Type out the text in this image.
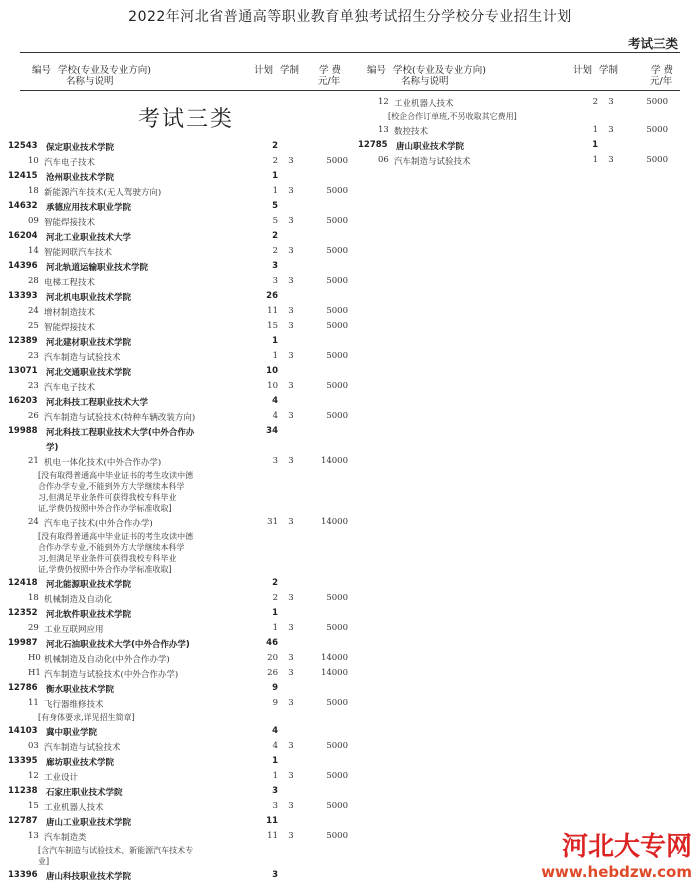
2022年河北省普通高等职业教育单独考试招生分学校分专业招生计划
考试三类
编号 学校(专业及专业方向)
名称与说明
计划 学制 学 费
元/年
考试三类
12543 保定职业技术学院	2
10 汽车电子技术	2 3	5000
12415 沧州职业技术学院	1
18 新能源汽车技术(无人驾驶方向)	1 3	5000
14632 承德应用技术职业学院	5
09 智能焊接技术	5 3	5000
16204 河北工业职业技术大学	2
14 智能网联汽车技术	2 3	5000
14396 河北轨道运输职业技术学院	3
28 电梯工程技术	3 3	5000
13393 河北机电职业技术学院	26
24 增材制造技术	11 3	5000
25 智能焊接技术	15 3	5000
12389 河北建材职业技术学院	1
23 汽车制造与试验技术	1 3	5000
13071 河北交通职业技术学院	10
23 汽车电子技术	10 3	5000
16203 河北科技工程职业技术大学	4
26 汽车制造与试验技术(特种车辆改装方向)	4 3	5000
19988 河北科技工程职业技术大学(中外合作办	34
学)
21 机电一体化技术(中外合作办学)	3 3	14000
[没有取得普通高中毕业证书的考生攻读中德
合作办学专业,不能到外方大学继续本科学
习,但满足毕业条件可获得我校专科毕业
证,学费仍按照中外合作办学标准收取]
24 汽车电子技术(中外合作办学)	31 3	14000
[没有取得普通高中毕业证书的考生攻读中德
合作办学专业,不能到外方大学继续本科学
习,但满足毕业条件可获得我校专科毕业
证,学费仍按照中外合作办学标准收取]
12418 河北能源职业技术学院	2
18 机械制造及自动化	2 3	5000
12352 河北软件职业技术学院	1
29 工业互联网应用	1 3	5000
19987 河北石油职业技术大学(中外合作办学)	46
H0 机械制造及自动化(中外合作办学)	20 3	14000
H1 汽车制造与试验技术(中外合作办学)	26 3	14000
12786 衡水职业技术学院	9
11 飞行器维修技术	9 3	5000
[有身体要求,详见招生简章]
14103 冀中职业学院	4
03 汽车制造与试验技术	4 3	5000
13395 廊坊职业技术学院	1
12 工业设计	1 3	5000
11238 石家庄职业技术学院	3
15 工业机器人技术	3 3	5000
12787 唐山工业职业技术学院	11
13 汽车制造类	11 3	5000
[含汽车制造与试验技术、新能源汽车技术专
业]
13396 唐山科技职业技术学院	3
编号 学校(专业及专业方向)
名称与说明
计划 学制	学 费
元/年
12 工业机器人技术	2 3	5000
[校企合作订单班,不另收取其它费用]
13 数控技术	1 3	5000
12785 唐山职业技术学院	1
06 汽车制造与试验技术	1 3	5000
河北大专网
www.hebdzw.com
